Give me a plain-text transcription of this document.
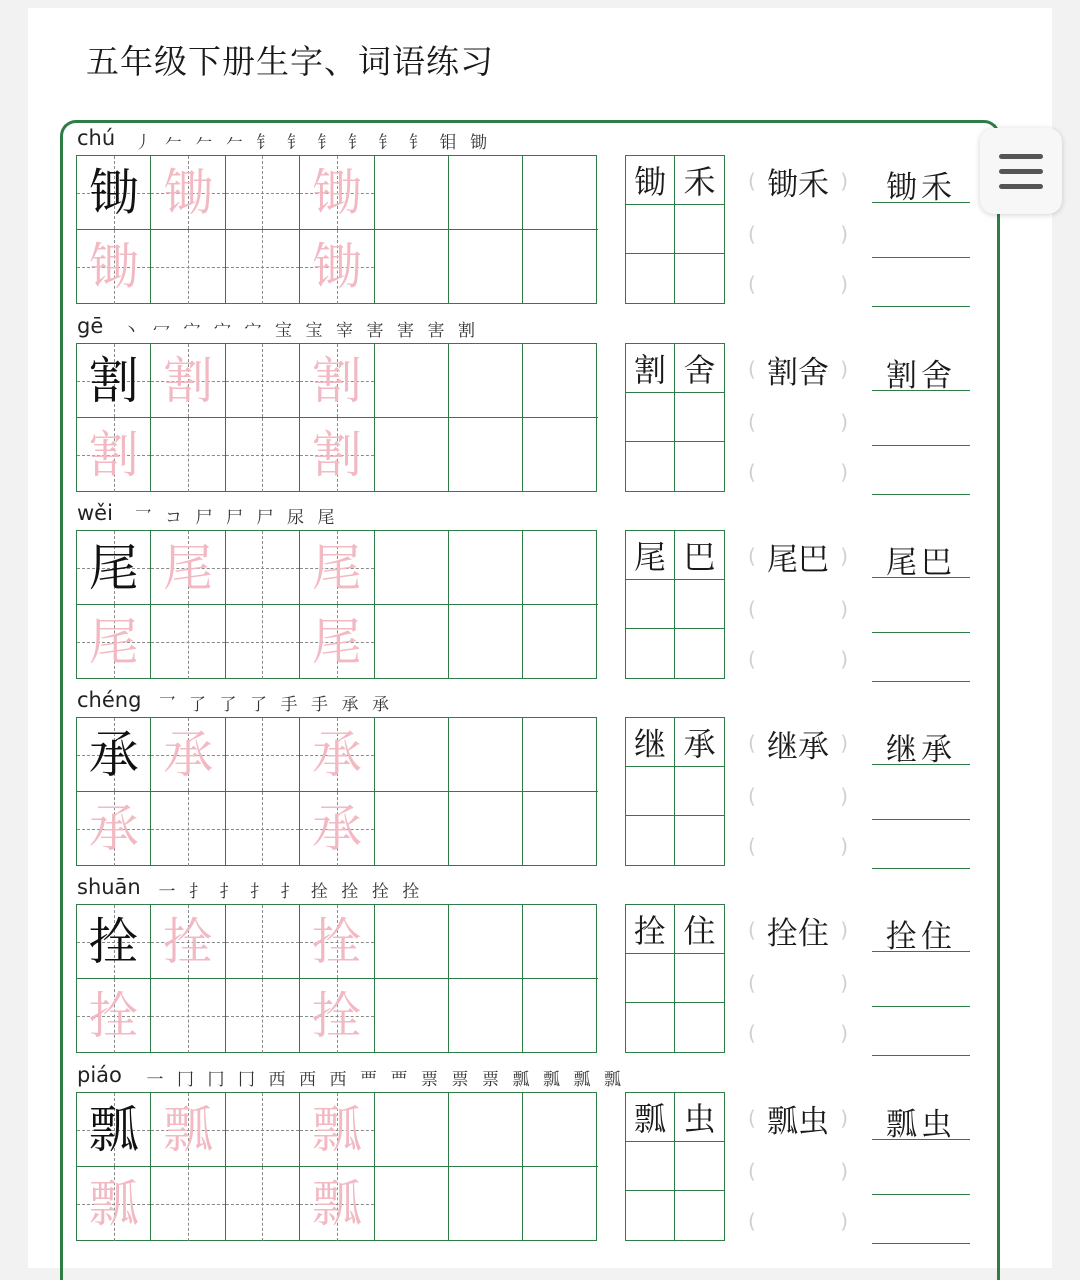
五年级下册生字、词语练习
chú 丿 𠂉 𠂉 𠂉 钅 钅 钅 钅 钅 钅 钼 锄
锄 锄 锄
锄	锄
锄 禾	( 锄禾 )
(	)
(	)
锄禾
gē 丶 冖 宀 宀 宀 宝 宝 宰 害 害 害 割
割 割 割
割	割
割 舍	( 割舍 )
(	)
(	)
割舍
wěi 乛 コ 尸 尸 尸 尿 尾
尾 尾 尾
尾	尾
尾 巴	( 尾巴 )
(	)
(	)
尾巴
chéng 乛 了 了 了 手 手 承 承
承 承 承
承	承
继 承	( 继承 )
(	)
(	)
继承
shuān 一 扌 扌 扌 扌 拴 拴 拴 拴
拴 拴 拴
拴	拴
拴 住	( 拴住 )
(	)
(	)
拴住
piáo 一 冂 冂 冂 西 西 西 覀 覀 票 票 票 瓢 瓢 瓢 瓢
瓢 瓢 瓢
瓢	瓢
瓢 虫	( 瓢虫 )
(	)
(	)
瓢虫
